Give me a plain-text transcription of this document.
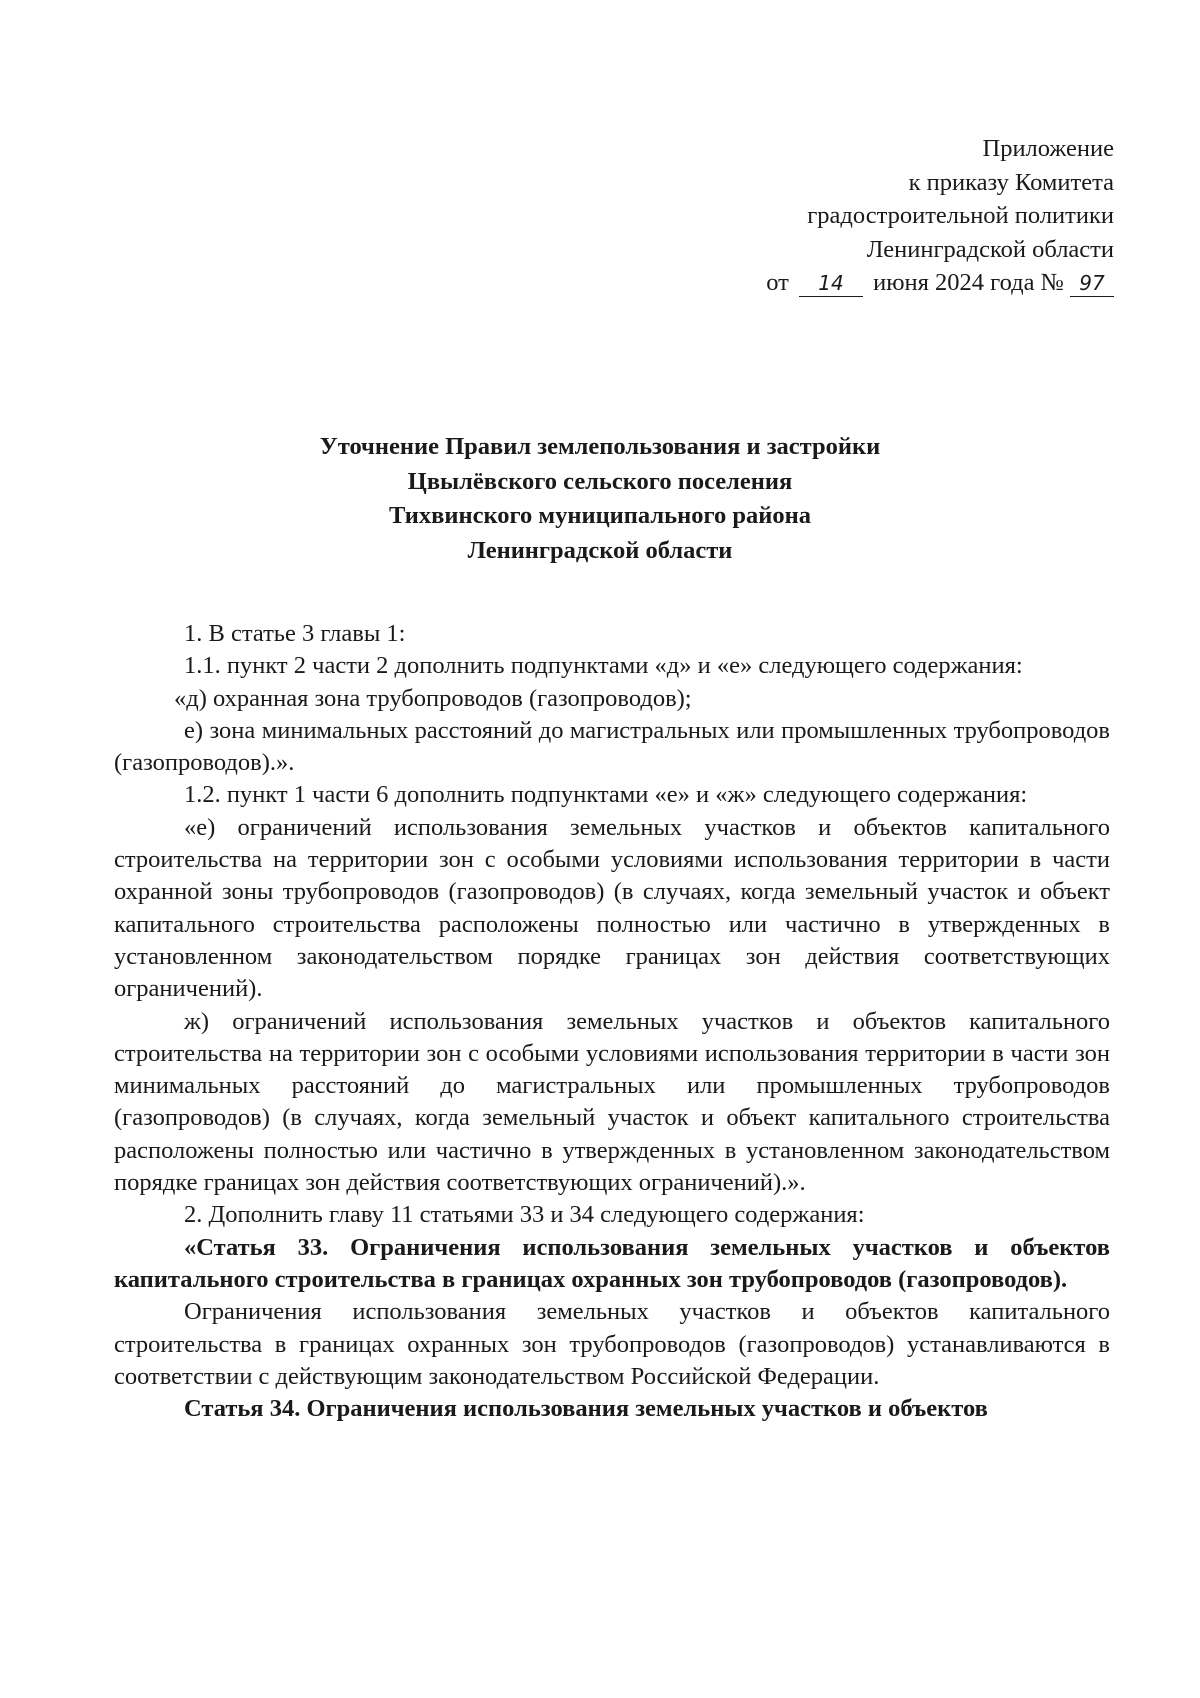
Приложение
к приказу Комитета
градостроительной политики
Ленинградской области
от 14 июня 2024 года № 97
Уточнение Правил землепользования и застройки
Цвылёвского сельского поселения
Тихвинского муниципального района
Ленинградской области

1. В статье 3 главы 1:

1.1. пункт 2 части 2 дополнить подпунктами «д» и «е» следующего содержания:

«д) охранная зона трубопроводов (газопроводов);

е) зона минимальных расстояний до магистральных или промышленных трубопроводов (газопроводов).».

1.2. пункт 1 части 6 дополнить подпунктами «е» и «ж» следующего содержания:

«е) ограничений использования земельных участков и объектов капитального строительства на территории зон с особыми условиями использования территории в части охранной зоны трубопроводов (газопроводов) (в случаях, когда земельный участок и объект капитального строительства расположены полностью или частично в утвержденных в установленном законодательством порядке границах зон действия соответствующих ограничений).

ж) ограничений использования земельных участков и объектов капитального строительства на территории зон с особыми условиями использования территории в части зон минимальных расстояний до магистральных или промышленных трубопроводов (газопроводов) (в случаях, когда земельный участок и объект капитального строительства расположены полностью или частично в утвержденных в установленном законодательством порядке границах зон действия соответствующих ограничений).».

2. Дополнить главу 11 статьями 33 и 34 следующего содержания:

«Статья 33. Ограничения использования земельных участков и объектов капитального строительства в границах охранных зон трубопроводов (газопроводов).

Ограничения использования земельных участков и объектов капитального строительства в границах охранных зон трубопроводов (газопроводов) устанавливаются в соответствии с действующим законодательством Российской Федерации.

Статья 34. Ограничения использования земельных участков и объектов
